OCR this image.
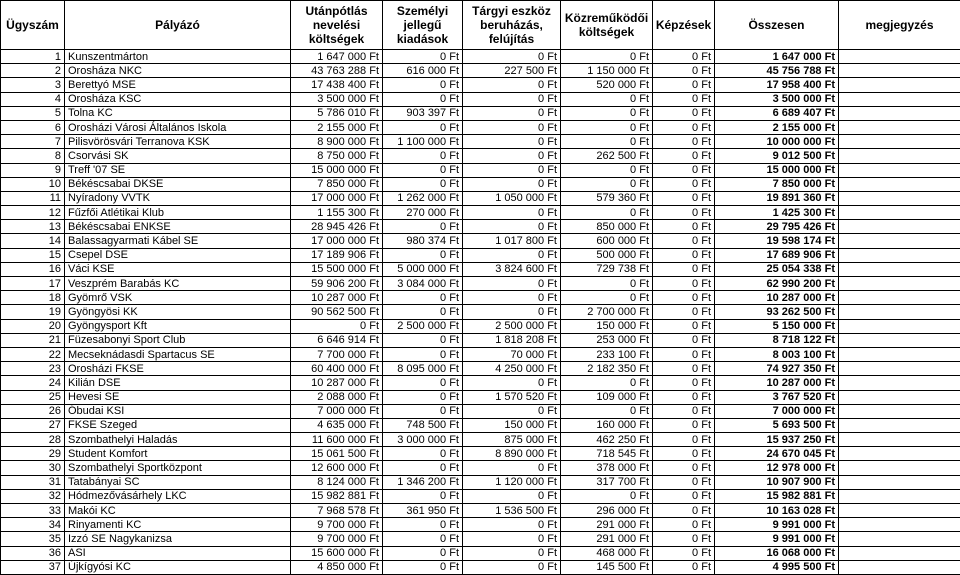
Ügyszám	Pályázó	Utánpótlás
nevelési
költségek	Személyi
jellegű
kiadások	Tárgyi eszköz
beruházás,
felújítás	Közreműködői
költségek	Képzések	Összesen	megjegyzés

1	Kunszentmárton	1 647 000 Ft	0 Ft	0 Ft	0 Ft	0 Ft	1 647 000 Ft	
2	Orosháza NKC	43 763 288 Ft	616 000 Ft	227 500 Ft	1 150 000 Ft	0 Ft	45 756 788 Ft	
3	Berettyó MSE	17 438 400 Ft	0 Ft	0 Ft	520 000 Ft	0 Ft	17 958 400 Ft	
4	Orosháza KSC	3 500 000 Ft	0 Ft	0 Ft	0 Ft	0 Ft	3 500 000 Ft	
5	Tolna KC	5 786 010 Ft	903 397 Ft	0 Ft	0 Ft	0 Ft	6 689 407 Ft	
6	Orosházi Városi Általános Iskola	2 155 000 Ft	0 Ft	0 Ft	0 Ft	0 Ft	2 155 000 Ft	
7	Pilisvörösvári Terranova KSK	8 900 000 Ft	1 100 000 Ft	0 Ft	0 Ft	0 Ft	10 000 000 Ft	
8	Csorvási SK	8 750 000 Ft	0 Ft	0 Ft	262 500 Ft	0 Ft	9 012 500 Ft	
9	Treff '07 SE	15 000 000 Ft	0 Ft	0 Ft	0 Ft	0 Ft	15 000 000 Ft	
10	Békéscsabai DKSE	7 850 000 Ft	0 Ft	0 Ft	0 Ft	0 Ft	7 850 000 Ft	
11	Nyíradony VVTK	17 000 000 Ft	1 262 000 Ft	1 050 000 Ft	579 360 Ft	0 Ft	19 891 360 Ft	
12	Fűzfői Atlétikai Klub	1 155 300 Ft	270 000 Ft	0 Ft	0 Ft	0 Ft	1 425 300 Ft	
13	Békéscsabai ENKSE	28 945 426 Ft	0 Ft	0 Ft	850 000 Ft	0 Ft	29 795 426 Ft	
14	Balassagyarmati Kábel SE	17 000 000 Ft	980 374 Ft	1 017 800 Ft	600 000 Ft	0 Ft	19 598 174 Ft	
15	Csepel DSE	17 189 906 Ft	0 Ft	0 Ft	500 000 Ft	0 Ft	17 689 906 Ft	
16	Váci KSE	15 500 000 Ft	5 000 000 Ft	3 824 600 Ft	729 738 Ft	0 Ft	25 054 338 Ft	
17	Veszprém Barabás KC	59 906 200 Ft	3 084 000 Ft	0 Ft	0 Ft	0 Ft	62 990 200 Ft	
18	Gyömrő VSK	10 287 000 Ft	0 Ft	0 Ft	0 Ft	0 Ft	10 287 000 Ft	
19	Gyöngyösi KK	90 562 500 Ft	0 Ft	0 Ft	2 700 000 Ft	0 Ft	93 262 500 Ft	
20	Gyöngysport Kft	0 Ft	2 500 000 Ft	2 500 000 Ft	150 000 Ft	0 Ft	5 150 000 Ft	
21	Füzesabonyi Sport Club	6 646 914 Ft	0 Ft	1 818 208 Ft	253 000 Ft	0 Ft	8 718 122 Ft	
22	Mecseknádasdi Spartacus SE	7 700 000 Ft	0 Ft	70 000 Ft	233 100 Ft	0 Ft	8 003 100 Ft	
23	Orosházi FKSE	60 400 000 Ft	8 095 000 Ft	4 250 000 Ft	2 182 350 Ft	0 Ft	74 927 350 Ft	
24	Kilián DSE	10 287 000 Ft	0 Ft	0 Ft	0 Ft	0 Ft	10 287 000 Ft	
25	Hevesi SE	2 088 000 Ft	0 Ft	1 570 520 Ft	109 000 Ft	0 Ft	3 767 520 Ft	
26	Óbudai KSI	7 000 000 Ft	0 Ft	0 Ft	0 Ft	0 Ft	7 000 000 Ft	
27	FKSE Szeged	4 635 000 Ft	748 500 Ft	150 000 Ft	160 000 Ft	0 Ft	5 693 500 Ft	
28	Szombathelyi Haladás	11 600 000 Ft	3 000 000 Ft	875 000 Ft	462 250 Ft	0 Ft	15 937 250 Ft	
29	Student Komfort	15 061 500 Ft	0 Ft	8 890 000 Ft	718 545 Ft	0 Ft	24 670 045 Ft	
30	Szombathelyi Sportközpont	12 600 000 Ft	0 Ft	0 Ft	378 000 Ft	0 Ft	12 978 000 Ft	
31	Tatabányai SC	8 124 000 Ft	1 346 200 Ft	1 120 000 Ft	317 700 Ft	0 Ft	10 907 900 Ft	
32	Hódmezővásárhely LKC	15 982 881 Ft	0 Ft	0 Ft	0 Ft	0 Ft	15 982 881 Ft	
33	Makói KC	7 968 578 Ft	361 950 Ft	1 536 500 Ft	296 000 Ft	0 Ft	10 163 028 Ft	
34	Rinyamenti KC	9 700 000 Ft	0 Ft	0 Ft	291 000 Ft	0 Ft	9 991 000 Ft	
35	Izzó SE Nagykanizsa	9 700 000 Ft	0 Ft	0 Ft	291 000 Ft	0 Ft	9 991 000 Ft	
36	ASI	15 600 000 Ft	0 Ft	0 Ft	468 000 Ft	0 Ft	16 068 000 Ft	
37	Újkígyósi KC	4 850 000 Ft	0 Ft	0 Ft	145 500 Ft	0 Ft	4 995 500 Ft	
